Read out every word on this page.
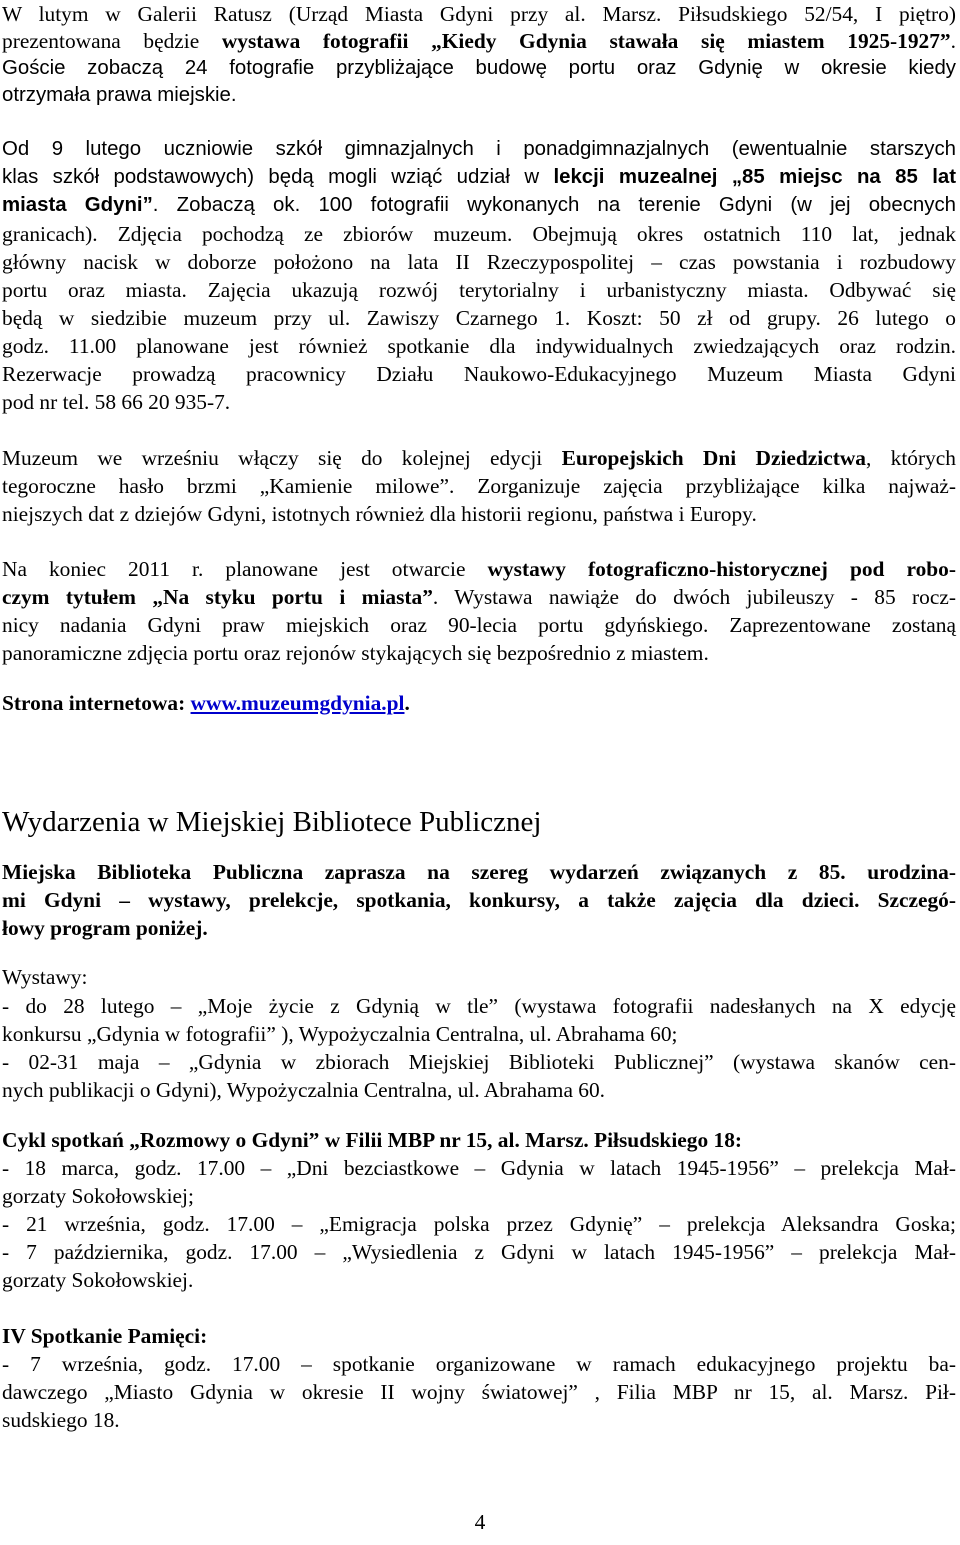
W lutym w Galerii Ratusz (Urząd Miasta Gdyni przy al. Marsz. Piłsudskiego 52/54, I piętro)
prezentowana będzie wystawa fotografii „Kiedy Gdynia stawała się miastem 1925-1927”.
Goście zobaczą 24 fotografie przybliżające budowę portu oraz Gdynię w okresie kiedy
otrzymała prawa miejskie.
Od 9 lutego uczniowie szkół gimnazjalnych i ponadgimnazjalnych (ewentualnie starszych
klas szkół podstawowych) będą mogli wziąć udział w lekcji muzealnej „85 miejsc na 85 lat
miasta Gdyni”. Zobaczą ok. 100 fotografii wykonanych na terenie Gdyni (w jej obecnych
granicach). Zdjęcia pochodzą ze zbiorów muzeum. Obejmują okres ostatnich 110 lat, jednak
główny nacisk w doborze położono na lata II Rzeczypospolitej – czas powstania i rozbudowy
portu oraz miasta. Zajęcia ukazują rozwój terytorialny i urbanistyczny miasta. Odbywać się
będą w siedzibie muzeum przy ul. Zawiszy Czarnego 1. Koszt: 50 zł od grupy. 26 lutego o
godz. 11.00 planowane jest również spotkanie dla indywidualnych zwiedzających oraz rodzin.
Rezerwacje prowadzą pracownicy Działu Naukowo-Edukacyjnego Muzeum Miasta Gdyni
pod nr tel. 58 66 20 935-7.
Muzeum we wrześniu włączy się do kolejnej edycji Europejskich Dni Dziedzictwa, których
tegoroczne hasło brzmi „Kamienie milowe”. Zorganizuje zajęcia przybliżające kilka najważ-
niejszych dat z dziejów Gdyni, istotnych również dla historii regionu, państwa i Europy.
Na koniec 2011 r. planowane jest otwarcie wystawy fotograficzno-historycznej pod robo-
czym tytułem „Na styku portu i miasta”. Wystawa nawiąże do dwóch jubileuszy - 85 rocz-
nicy nadania Gdyni praw miejskich oraz 90-lecia portu gdyńskiego. Zaprezentowane zostaną
panoramiczne zdjęcia portu oraz rejonów stykających się bezpośrednio z miastem.
Strona internetowa: www.muzeumgdynia.pl.
Wydarzenia w Miejskiej Bibliotece Publicznej
Miejska Biblioteka Publiczna zaprasza na szereg wydarzeń związanych z 85. urodzina-
mi Gdyni – wystawy, prelekcje, spotkania, konkursy, a także zajęcia dla dzieci. Szczegó-
łowy program poniżej.
Wystawy:
- do 28 lutego – „Moje życie z Gdynią w tle” (wystawa fotografii nadesłanych na X edycję
konkursu „Gdynia w fotografii” ), Wypożyczalnia Centralna, ul. Abrahama 60;
- 02-31 maja – „Gdynia w zbiorach Miejskiej Biblioteki Publicznej” (wystawa skanów cen-
nych publikacji o Gdyni), Wypożyczalnia Centralna, ul. Abrahama 60.
Cykl spotkań „Rozmowy o Gdyni” w Filii MBP nr 15, al. Marsz. Piłsudskiego 18:
- 18 marca, godz. 17.00 – „Dni bezciastkowe – Gdynia w latach 1945-1956” – prelekcja Mał-
gorzaty Sokołowskiej;
- 21 września, godz. 17.00 – „Emigracja polska przez Gdynię” – prelekcja Aleksandra Goska;
- 7 października, godz. 17.00 – „Wysiedlenia z Gdyni w latach 1945-1956” – prelekcja Mał-
gorzaty Sokołowskiej.
IV Spotkanie Pamięci:
- 7 września, godz. 17.00 – spotkanie organizowane w ramach edukacyjnego projektu ba-
dawczego „Miasto Gdynia w okresie II wojny światowej” , Filia MBP nr 15, al. Marsz. Pił-
sudskiego 18.
4
